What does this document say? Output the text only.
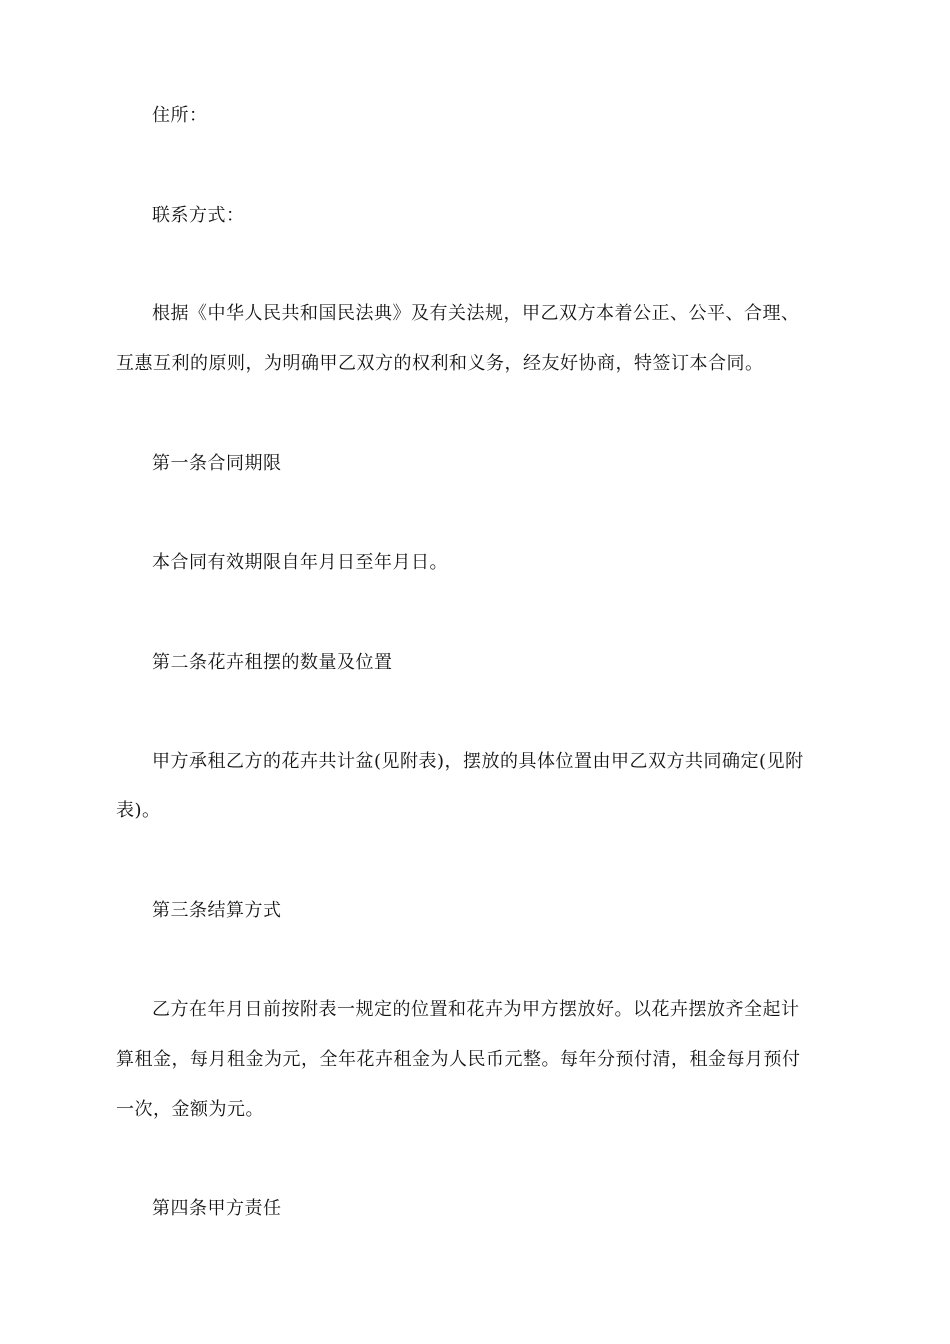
住所：
联系方式：
根据《中华人民共和国民法典》及有关法规，甲乙双方本着公正、公平、合理、
互惠互利的原则，为明确甲乙双方的权利和义务，经友好协商，特签订本合同。
第一条合同期限
本合同有效期限自年月日至年月日。
第二条花卉租摆的数量及位置
甲方承租乙方的花卉共计盆(见附表)，摆放的具体位置由甲乙双方共同确定(见附
表)。
第三条结算方式
乙方在年月日前按附表一规定的位置和花卉为甲方摆放好。以花卉摆放齐全起计
算租金，每月租金为元，全年花卉租金为人民币元整。每年分预付清，租金每月预付
一次，金额为元。
第四条甲方责任
